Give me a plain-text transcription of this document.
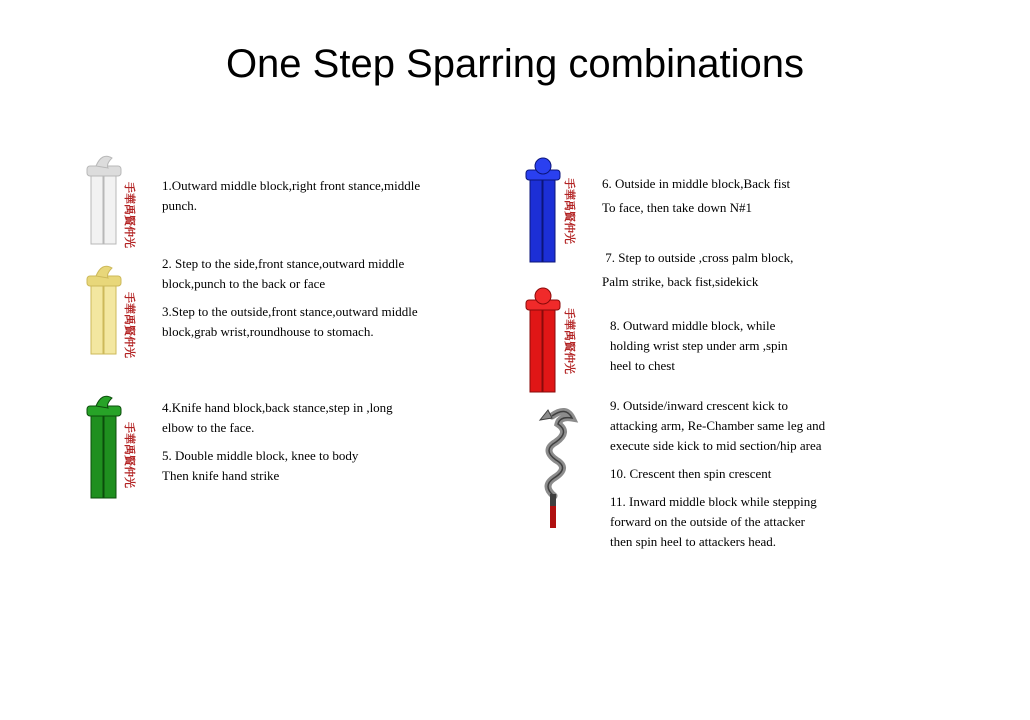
One Step Sparring combinations
手華禹賢仲光
手華禹賢仲光
手華禹賢仲光
手華禹賢仲光
手華禹賢仲光
1.Outward middle block,right front stance,middle
punch.
2. Step to the side,front stance,outward middle
block,punch to the back or face
3.Step to the outside,front stance,outward middle
block,grab wrist,roundhouse to stomach.
4.Knife hand block,back stance,step in ,long
elbow to the face.
5. Double middle block, knee to body
Then knife hand strike
6. Outside in middle block,Back fist
To face, then take down N#1
7. Step to outside ,cross palm block,
Palm strike, back fist,sidekick
8. Outward middle block, while
holding wrist step under arm ,spin
heel to chest
9. Outside/inward crescent kick to
attacking arm, Re-Chamber same leg and
execute side kick to mid section/hip area
10. Crescent then spin crescent
11. Inward middle block while stepping
forward on the outside of the attacker
then spin heel to attackers head.
